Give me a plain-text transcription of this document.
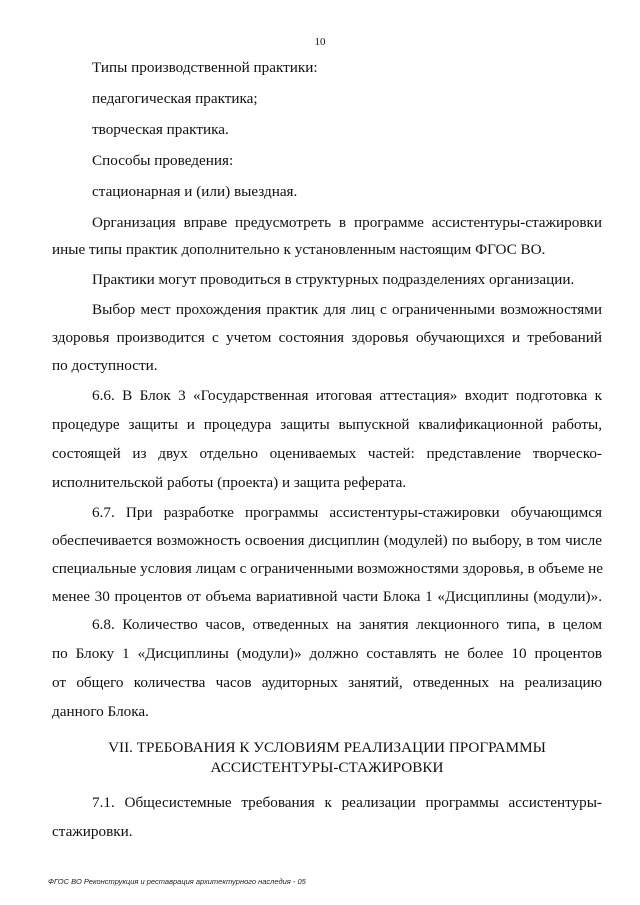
10
Типы производственной практики:
педагогическая практика;
творческая практика.
Способы проведения:
стационарная и (или) выездная.
Организация вправе предусмотреть в программе ассистентуры-стажировки
иные типы практик дополнительно к установленным настоящим ФГОС ВО.
Практики могут проводиться в структурных подразделениях организации.
Выбор мест прохождения практик для лиц с ограниченными возможностями
здоровья производится с учетом состояния здоровья обучающихся и требований
по доступности.
6.6. В Блок 3 «Государственная итоговая аттестация» входит подготовка к
процедуре защиты и процедура защиты выпускной квалификационной работы,
состоящей из двух отдельно оцениваемых частей: представление творческо-
исполнительской работы (проекта) и защита реферата.
6.7. При разработке программы ассистентуры-стажировки обучающимся
обеспечивается возможность освоения дисциплин (модулей) по выбору, в том числе
специальные условия лицам с ограниченными возможностями здоровья, в объеме не
менее 30 процентов от объема вариативной части Блока 1 «Дисциплины (модули)».
6.8. Количество часов, отведенных на занятия лекционного типа, в целом
по Блоку 1 «Дисциплины (модули)» должно составлять не более 10 процентов
от общего количества часов аудиторных занятий, отведенных на реализацию
данного Блока.
VII. ТРЕБОВАНИЯ К УСЛОВИЯМ РЕАЛИЗАЦИИ ПРОГРАММЫ
АССИСТЕНТУРЫ-СТАЖИРОВКИ
7.1. Общесистемные требования к реализации программы ассистентуры-
стажировки.
ФГОС ВО Реконструкция и реставрация архитектурного наследия - 05
